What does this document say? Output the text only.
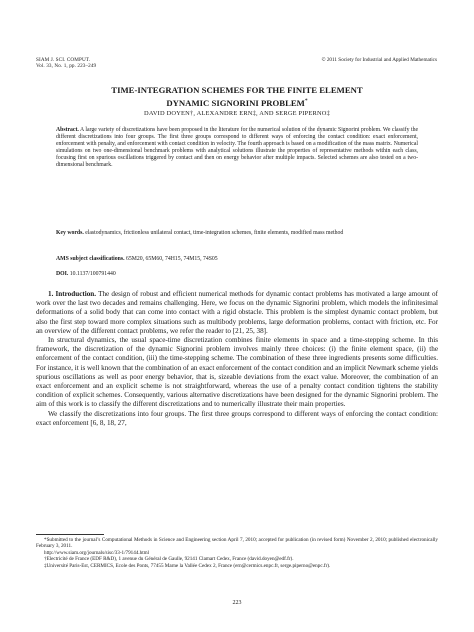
SIAM J. SCI. COMPUT.
Vol. 33, No. 1, pp. 223–249
© 2011 Society for Industrial and Applied Mathematics
TIME-INTEGRATION SCHEMES FOR THE FINITE ELEMENT
DYNAMIC SIGNORINI PROBLEM*
DAVID DOYEN†, ALEXANDRE ERN‡, AND SERGE PIPERNO‡
Abstract. A large variety of discretizations have been proposed in the literature for the numerical solution of the dynamic Signorini problem. We classify the different discretizations into four groups. The first three groups correspond to different ways of enforcing the contact condition: exact enforcement, enforcement with penalty, and enforcement with contact condition in velocity. The fourth approach is based on a modification of the mass matrix. Numerical simulations on two one-dimensional benchmark problems with analytical solutions illustrate the properties of representative methods within each class, focusing first on spurious oscillations triggered by contact and then on energy behavior after multiple impacts. Selected schemes are also tested on a two-dimensional benchmark.
Key words. elastodynamics, frictionless unilateral contact, time-integration schemes, finite elements, modified mass method
AMS subject classifications. 65M20, 65M60, 74H15, 74M15, 74S05
DOI. 10.1137/100791440

1. Introduction. The design of robust and efficient numerical methods for dynamic contact problems has motivated a large amount of work over the last two decades and remains challenging. Here, we focus on the dynamic Signorini problem, which models the infinitesimal deformations of a solid body that can come into contact with a rigid obstacle. This problem is the simplest dynamic contact problem, but also the first step toward more complex situations such as multibody problems, large deformation problems, contact with friction, etc. For an overview of the different contact problems, we refer the reader to [21, 25, 38].

In structural dynamics, the usual space-time discretization combines finite elements in space and a time-stepping scheme. In this framework, the discretization of the dynamic Signorini problem involves mainly three choices: (i) the finite element space, (ii) the enforcement of the contact condition, (iii) the time-stepping scheme. The combination of these three ingredients presents some difficulties. For instance, it is well known that the combination of an exact enforcement of the contact condition and an implicit Newmark scheme yields spurious oscillations as well as poor energy behavior, that is, sizeable deviations from the exact value. Moreover, the combination of an exact enforcement and an explicit scheme is not straightforward, whereas the use of a penalty contact condition tightens the stability condition of explicit schemes. Consequently, various alternative discretizations have been designed for the dynamic Signorini problem. The aim of this work is to classify the different discretizations and to numerically illustrate their main properties.

We classify the discretizations into four groups. The first three groups correspond to different ways of enforcing the contact condition: exact enforcement [6, 8, 18, 27,

*Submitted to the journal’s Computational Methods in Science and Engineering section April 7, 2010; accepted for publication (in revised form) November 2, 2010; published electronically February 3, 2011.

http://www.siam.org/journals/sisc/33-1/79144.html

†Electricité de France (EDF R&D), 1 avenue du Général de Gaulle, 92141 Clamart Cedex, France (david.doyen@edf.fr).

‡Université Paris-Est, CERMICS, Ecole des Ponts, 77455 Marne la Vallée Cedex 2, France (ern@cermics.enpc.fr, serge.piperno@enpc.fr).

223
